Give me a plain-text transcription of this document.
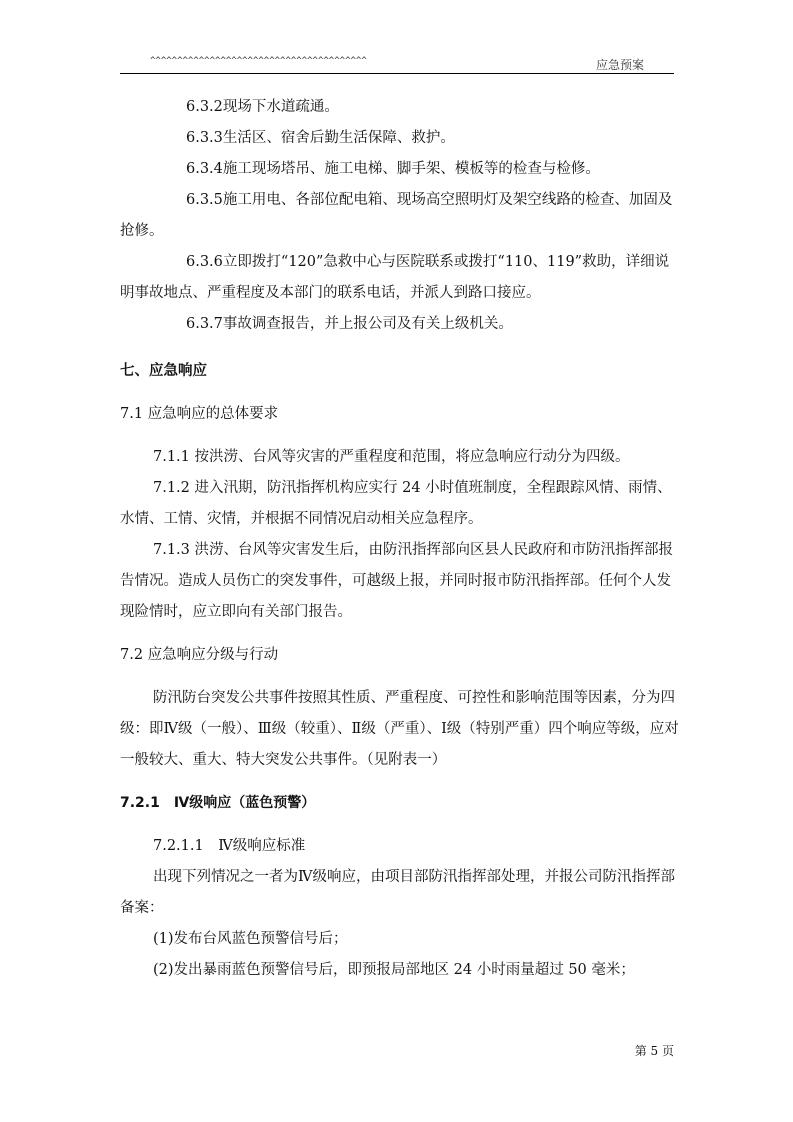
^^^^^^^^^^^^^^^^^^^^^^^^^^^^^^^^^^^^^^^^	应急预案

6.3.2现场下水道疏通。

6.3.3生活区、宿舍后勤生活保障、救护。

6.3.4施工现场塔吊、施工电梯、脚手架、模板等的检查与检修。

6.3.5施工用电、各部位配电箱、现场高空照明灯及架空线路的检查、加固及抢修。

6.3.6立即拨打“120”急救中心与医院联系或拨打“110、119”救助，详细说明事故地点、严重程度及本部门的联系电话，并派人到路口接应。

6.3.7事故调查报告，并上报公司及有关上级机关。

七、应急响应

7.1 应急响应的总体要求

7.1.1 按洪涝、台风等灾害的严重程度和范围，将应急响应行动分为四级。

7.1.2 进入汛期，防汛指挥机构应实行 24 小时值班制度，全程跟踪风情、雨情、水情、工情、灾情，并根据不同情况启动相关应急程序。

7.1.3 洪涝、台风等灾害发生后，由防汛指挥部向区县人民政府和市防汛指挥部报告情况。造成人员伤亡的突发事件，可越级上报，并同时报市防汛指挥部。任何个人发现险情时，应立即向有关部门报告。

7.2 应急响应分级与行动

防汛防台突发公共事件按照其性质、严重程度、可控性和影响范围等因素，分为四级：即Ⅳ级（一般）、Ⅲ级（较重）、Ⅱ级（严重）、Ⅰ级（特别严重）四个响应等级，应对一般较大、重大、特大突发公共事件。（见附表一）

7.2.1　Ⅳ级响应（蓝色预警）

7.2.1.1　Ⅳ级响应标准

出现下列情况之一者为Ⅳ级响应，由项目部防汛指挥部处理，并报公司防汛指挥部备案：

(1)发布台风蓝色预警信号后；

(2)发出暴雨蓝色预警信号后，即预报局部地区 24 小时雨量超过 50 毫米；

第 5 页
